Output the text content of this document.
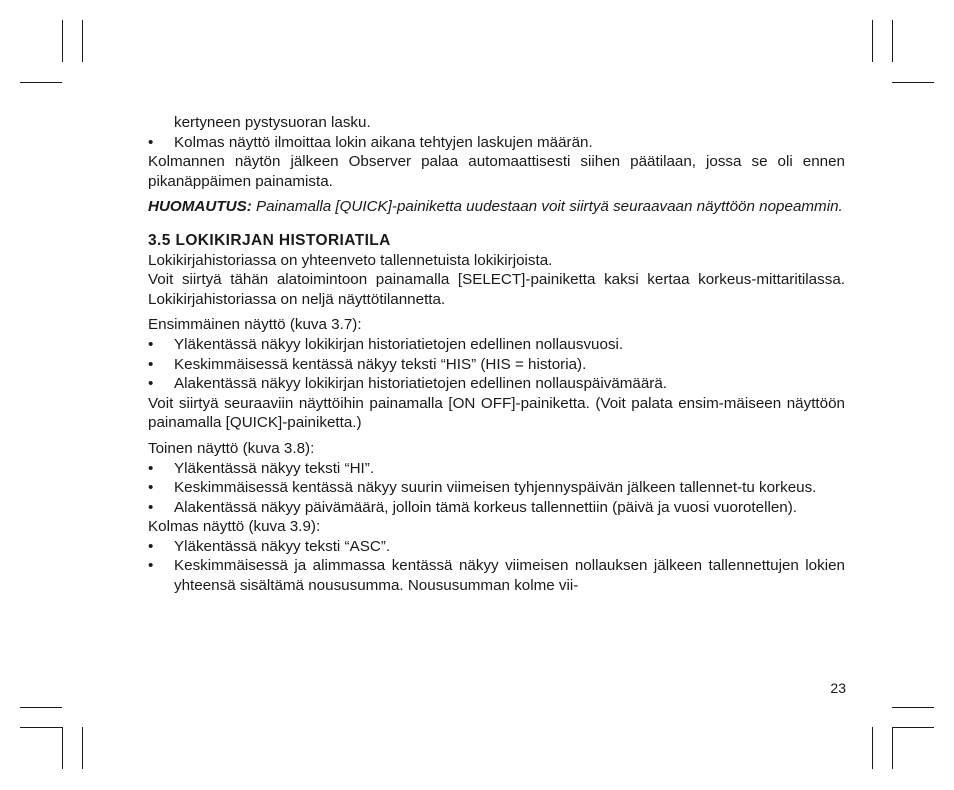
kertyneen pystysuoran lasku.
• Kolmas näyttö ilmoittaa lokin aikana tehtyjen laskujen määrän.
Kolmannen näytön jälkeen Observer palaa automaattisesti siihen päätilaan, jossa se oli ennen pikanäppäimen painamista.
HUOMAUTUS: Painamalla [QUICK]-painiketta uudestaan voit siirtyä seuraavaan näyttöön nopeammin.
3.5 LOKIKIRJAN HISTORIATILA
Lokikirjahistoriassa on yhteenveto tallennetuista lokikirjoista.
Voit siirtyä tähän alatoimintoon painamalla [SELECT]-painiketta kaksi kertaa korkeus-mittaritilassa. Lokikirjahistoriassa on neljä näyttötilannetta.
Ensimmäinen näyttö (kuva 3.7):
• Yläkentässä näkyy lokikirjan historiatietojen edellinen nollausvuosi.
• Keskimmäisessä kentässä näkyy teksti “HIS” (HIS = historia).
• Alakentässä näkyy lokikirjan historiatietojen edellinen nollauspäivämäärä.
Voit siirtyä seuraaviin näyttöihin painamalla [ON OFF]-painiketta. (Voit palata ensim-mäiseen näyttöön painamalla [QUICK]-painiketta.)
Toinen näyttö (kuva 3.8):
• Yläkentässä näkyy teksti “HI”.
• Keskimmäisessä kentässä näkyy suurin viimeisen tyhjennyspäivän jälkeen tallennet-tu korkeus.
• Alakentässä näkyy päivämäärä, jolloin tämä korkeus tallennettiin (päivä ja vuosi vuorotellen).
Kolmas näyttö (kuva 3.9):
• Yläkentässä näkyy teksti “ASC”.
• Keskimmäisessä ja alimmassa kentässä näkyy viimeisen nollauksen jälkeen tallennettujen lokien yhteensä sisältämä noususumma. Noususumman kolme vii-
23
